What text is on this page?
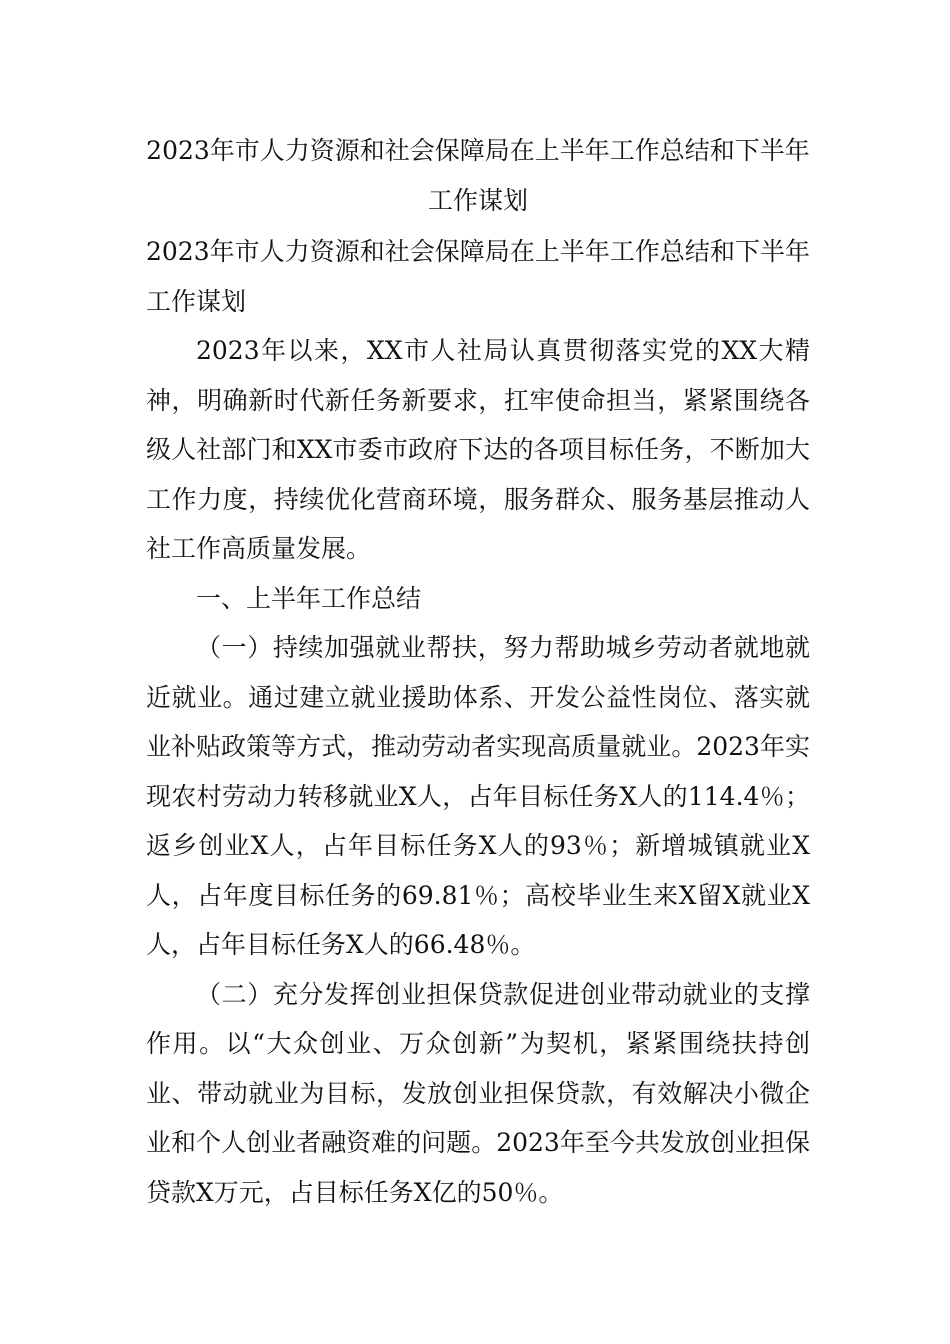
2023年市人力资源和社会保障局在上半年工作总结和下半年工作谋划

2023年市人力资源和社会保障局在上半年工作总结和下半年工作谋划

2023年以来，XX市人社局认真贯彻落实党的XX大精神，明确新时代新任务新要求，扛牢使命担当，紧紧围绕各级人社部门和XX市委市政府下达的各项目标任务，不断加大工作力度，持续优化营商环境，服务群众、服务基层推动人社工作高质量发展。

一、上半年工作总结

（一）持续加强就业帮扶，努力帮助城乡劳动者就地就近就业。通过建立就业援助体系、开发公益性岗位、落实就业补贴政策等方式，推动劳动者实现高质量就业。2023年实现农村劳动力转移就业X人，占年目标任务X人的114.4％；返乡创业X人，占年目标任务X人的93％；新增城镇就业X人，占年度目标任务的69.81％；高校毕业生来X留X就业X人，占年目标任务X人的66.48％。

（二）充分发挥创业担保贷款促进创业带动就业的支撑作用。以“大众创业、万众创新”为契机，紧紧围绕扶持创业、带动就业为目标，发放创业担保贷款，有效解决小微企业和个人创业者融资难的问题。2023年至今共发放创业担保贷款X万元，占目标任务X亿的50％。
